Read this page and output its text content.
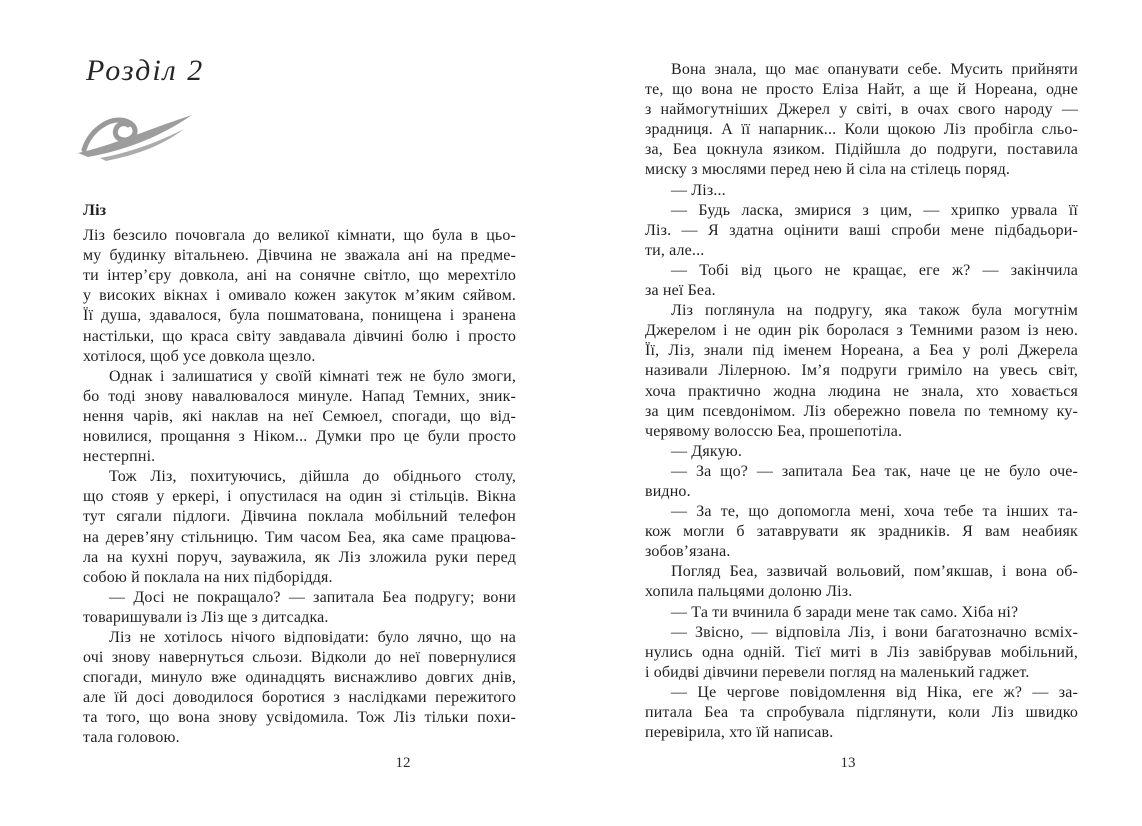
Розділ 2
Ліз
Ліз безсило почовгала до великої кімнати, що була в цьо-
му будинку вітальнею. Дівчина не зважала ані на предме-
ти інтер’єру довкола, ані на сонячне світло, що мерехтіло
у високих вікнах і омивало кожен закуток м’яким сяйвом.
Її душа, здавалося, була пошматована, понищена і зранена
настільки, що краса світу завдавала дівчині болю і просто
хотілося, щоб усе довкола щезло.
Однак і залишатися у своїй кімнаті теж не було змоги,
бо тоді знову навалювалося минуле. Напад Темних, зник-
нення чарів, які наклав на неї Семюел, спогади, що від-
новилися, прощання з Ніком... Думки про це були просто
нестерпні.
Тож Ліз, похитуючись, дійшла до обіднього столу,
що стояв у еркері, і опустилася на один зі стільців. Вікна
тут сягали підлоги. Дівчина поклала мобільний телефон
на дерев’яну стільницю. Тим часом Беа, яка саме працюва-
ла на кухні поруч, зауважила, як Ліз зложила руки перед
собою й поклала на них підборіддя.
— Досі не покращало? — запитала Беа подругу; вони
товаришували із Ліз ще з дитсадка.
Ліз не хотілось нічого відповідати: було лячно, що на
очі знову навернуться сльози. Відколи до неї повернулися
спогади, минуло вже одинадцять виснажливо довгих днів,
але їй досі доводилося боротися з наслідками пережитого
та того, що вона знову усвідомила. Тож Ліз тільки похи-
тала головою.
12
Вона знала, що має опанувати себе. Мусить прийняти
те, що вона не просто Еліза Найт, а ще й Нореана, одне
з наймогутніших Джерел у світі, в очах свого народу —
зрадниця. А її напарник... Коли щокою Ліз пробігла сльо-
за, Беа цокнула язиком. Підійшла до подруги, поставила
миску з мюслями перед нею й сіла на стілець поряд.
— Ліз...
— Будь ласка, змирися з цим, — хрипко урвала її
Ліз. — Я здатна оцінити ваші спроби мене підбадьори-
ти, але...
— Тобі від цього не кращає, еге ж? — закінчила
за неї Беа.
Ліз поглянула на подругу, яка також була могутнім
Джерелом і не один рік боролася з Темними разом із нею.
Її, Ліз, знали під іменем Нореана, а Беа у ролі Джерела
називали Лілерною. Ім’я подруги гриміло на увесь світ,
хоча практично жодна людина не знала, хто ховається
за цим псевдонімом. Ліз обережно повела по темному ку-
черявому волоссю Беа, прошепотіла.
— Дякую.
— За що? — запитала Беа так, наче це не було оче-
видно.
— За те, що допомогла мені, хоча тебе та інших та-
кож могли б затаврувати як зрадників. Я вам неабияк
зобов’язана.
Погляд Беа, зазвичай вольовий, пом’якшав, і вона об-
хопила пальцями долоню Ліз.
— Та ти вчинила б заради мене так само. Хіба ні?
— Звісно, — відповіла Ліз, і вони багатозначно всміх-
нулись одна одній. Тієї миті в Ліз завібрував мобільний,
і обидві дівчини перевели погляд на маленький гаджет.
— Це чергове повідомлення від Ніка, еге ж? — за-
питала Беа та спробувала підглянути, коли Ліз швидко
перевірила, хто їй написав.
13
